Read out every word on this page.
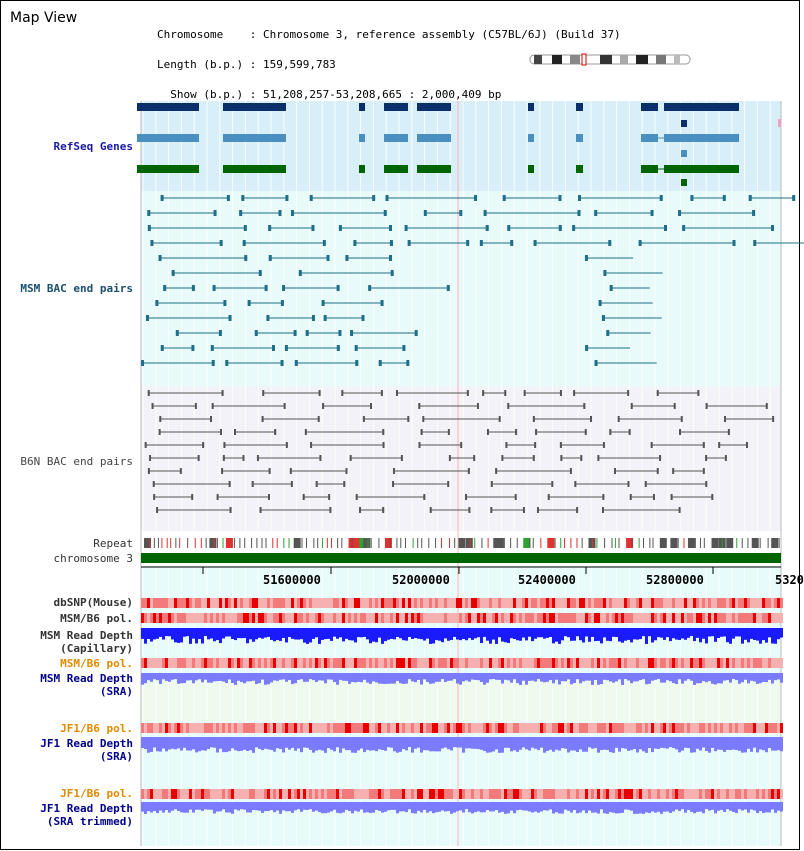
Map View

Chromosome    : Chromosome 3, reference assembly (C57BL/6J) (Build 37)

Length (b.p.) : 159,599,783

Show (b.p.) : 51,208,257-53,208,665 : 2,000,409 bp

RefSeq Genes
MSM BAC end pairs
B6N BAC end pairs
Repeat
chromosome 3
51600000	52000000	52400000	52800000	5320
dbSNP(Mouse)
MSM/B6 pol.
MSM Read Depth
(Capillary)
MSM/B6 pol.
MSM Read Depth
(SRA)
JF1/B6 pol.
JF1 Read Depth
(SRA)
JF1/B6 pol.
JF1 Read Depth
(SRA trimmed)
